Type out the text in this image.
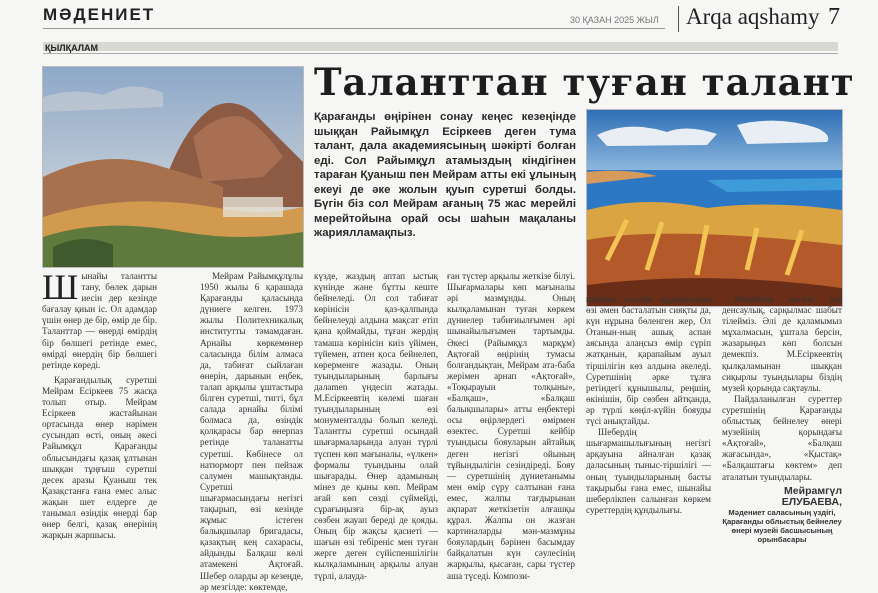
МӘДЕНИЕТ	30 ҚАЗАН 2025 ЖЫЛ Arqa aqshamy 7
ҚЫЛҚАЛАМ
Таланттан туған талант

Қарағанды өңірінен сонау кеңес кезеңінде шыққан Райымқұл Есіркеев деген тума талант, дала академиясының шәкірті болған еді. Сол Райымқұл атамыздың кіндігінен тараған Қуаныш пен Мейрам атты екі ұлының екеуі де әке жолын қуып суретші болды. Бүгін біз сол Мейрам ағаның 75 жас мерейлі мерейтойына орай осы шаһын мақаланы жариялламақпыз.

Шынайы талантты тану, бөлек дарын иесін дер кезінде бағалау қиын іс. Ол адамдар үшін өнер де бір, өмір де бір. Таланттар — өнерді өмірдің бір бөлшегі ретінде емес, өмірді өнердің бір бөлшегі ретінде көреді.

Қарағандылық суретші Мейрам Есіркеев 75 жасқа толып отыр. Мейрам Есіркеев жастайынан ортасында өнер нәрімен сусындап өсті, оның әкесі Райымқұл Қарағанды облысындағы қазақ ұлтынан шыққан тұңғыш суретші десек аразы Қуаныш тек Қазақстанға ғана емес алыс жақын шет елдерге де танымал өзіндік өнерді бар өнер белгі, қазақ өнерінің жарқын жаршысы.

Мейрам Райымқұлұлы 1950 жылы 6 қарашада Қарағанды қаласында дүниеге келген. 1973 жылы Политехникалық институтты тәмамдаған. Арнайы көркемөнер саласында білім алмаса да, табиғат сыйлаған өнерін, дарынын еңбек, талап арқылы ұштастыра білген суретші, тиггі, бұл салада арнайы білімі болмаса да, өзіндік қолқарасы бар өнерпаз ретінде таланатты суретші. Көбінесе ол натюрморт пен пейзаж салумен машықтанды. Суретші шығармасындағы негізгі тақырып, өзі кезінде жұмыс істеген балықшылар бригадасы, қазақтың кең сахарасы, айдынды Балқаш көлі атамекені Ақтоғай. Шебер оларды әр кезеңде, әр мезгілде: көктемде,

күзде, жаздың аптап ыстық күнінде және бұтты кеште бейнеледі. Ол сол табиғат көрінісін қаз-қалпында бейнелеуді алдына мақсат етіп қана қоймайды, тұған жердің тамаша көрінісін киіз үйімен, түйемен, атпен қоса бейнелеп, көрерменге жазады. Оның туындыларының барлығы далаmen үндесіп жатады. М.Есіркеевтің көлемі шаған туындыларының өзі монументалды болып келеді. Талантты суретші осындай шығармаларында алуан түрлі түспен көп мағыналы, «үлкен» формалы туындыны олай шығарады. Өнер адамының мінез де қыны көп. Мейрам ағай көп сөзді сүймейді, сұрағыңызға бір-ақ ауыз сөзбен жауап береді де қояды. Оның бір жақсы қасиеті — шағын өзі тебіреніс мен туған жерге деген сүйіспеншілігін кылқаламының арқылы алуан түрлі, алауда-

ған түстер арқылы жеткізе білуі. Шығармалары көп мағыналы әрі мазмұнды. Оның кылқаламынан туған көркем дүниелер табиғиылғымен әрі шынайылығымен тартымды. Әкесі (Райымқұл марқұм) Ақтоғай өңірінің тумасы болғандықтан, Мейрам ата-баба жерімен арнап «Ақтоғай», «Тоқырауын толқыны», «Балқаш», «Балқаш балықшылары» атты еңбектері осы өңірлердегі өмірмен өзектес. Суретші кейбір туындысы бояуларын айтайық деген негізгі ойының тұйындылігін сезіндіреді. Бояу — суретшінің дүниетанымы мен өмір сүру салтынан ғана емес, жалпы тағдырынан ақпарат жеткізетін алғашқы құрал. Жалпы он жазған картиналарды мән-мазмұны бояулардың бәрінен басымдау байқалатын күн сәулесінің жарқылы, қысаған, сары түстер аша түседі. Компози-

цияның осылай құрылуының өзі әмен басталатын сияқты да, күн нұрына бөленген жер, Ол Отанын-ның ашық аспан аясында алаңсыз өмір сүріп жатқанын, қарапайым ауыл тіршілігін көз алдына әкеледі. Суретшінің әрке тұлға ретіндегі құнышылы, реңшің, өкінішін, бір сөзбен айтқанда, әр түрлі көңіл-күйін бояуды түсі анықтайды.

Шебердің шығармашылығының негізгі арқауына айналған қазақ даласының тыныс-тіршілігі — оның туындыларының басты тақырыбы ғана емес, шынайы шеберлікпен салынған көркем суреттердің құндылығы.

Мерейтой иесіне зор денсаулық, сарқылмас шабыт тілейміз. Әлі де қаламымыз мұхалмасын, ұштала берсін, жазарыңыз көп болсын демекпіз. М.Есіркеевтің қылқаламынан шыққан сиқырлы туындылары біздің музей қорында сақтаулы.

Пайдаланылған суреттер суретшінің Қарағанды облыстық бейнелеу өнері музейінің қорындағы «Ақтоғай», «Балқаш жағасында», «Қыстақ» «Балқаштағы көктем» деп аталатын туындылары.

Мейрамгүл ЕЛУБАЕВА,
Мәдениет саласының үздігі, Қарағанды облыстық бейнелеу өнері музейі басшысының орынбасары
